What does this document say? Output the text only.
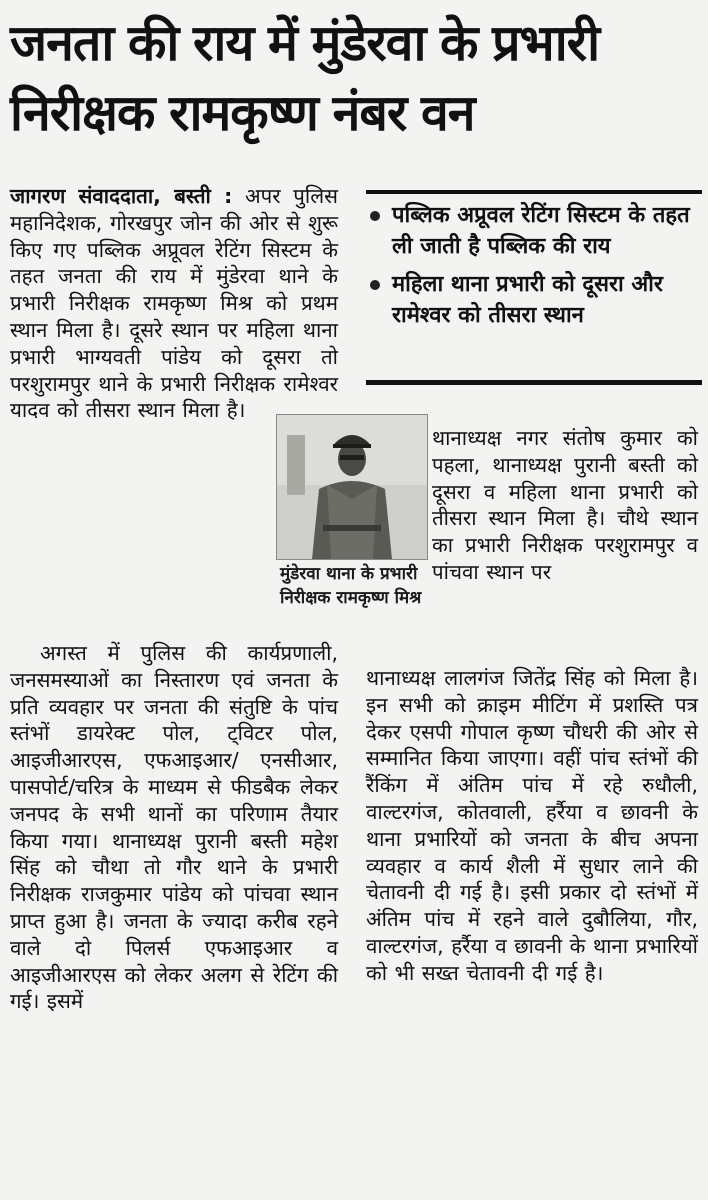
जनता की राय में मुंडेरवा के प्रभारी
निरीक्षक रामकृष्ण नंबर वन

जागरण संवाददाता, बस्ती : अपर पुलिस महानिदेशक, गोरखपुर जोन की ओर से शुरू किए गए पब्लिक अप्रूवल रेटिंग सिस्टम के तहत जनता की राय में मुंडेरवा थाने के प्रभारी निरीक्षक रामकृष्ण मिश्र को प्रथम स्थान मिला है। दूसरे स्थान पर महिला थाना प्रभारी भाग्यवती पांडेय को दूसरा तो परशुरामपुर थाने के प्रभारी निरीक्षक रामेश्वर यादव को तीसरा स्थान मिला है।

अगस्त में पुलिस की कार्यप्रणाली, जनसमस्याओं का निस्तारण एवं जनता के प्रति व्यवहार पर जनता की संतुष्टि के पांच स्तंभों डायरेक्ट पोल, ट्विटर पोल, आइजीआरएस, एफआइआर/ एनसीआर, पासपोर्ट/चरित्र के माध्यम से फीडबैक लेकर जनपद के सभी थानों का परिणाम तैयार किया गया। थानाध्यक्ष पुरानी बस्ती महेश सिंह को चौथा तो गौर थाने के प्रभारी निरीक्षक राजकुमार पांडेय को पांचवा स्थान प्राप्त हुआ है। जनता के ज्यादा करीब रहने वाले दो पिलर्स एफआइआर व आइजीआरएस को लेकर अलग से रेटिंग की गई। इसमें

पब्लिक अप्रूवल रेटिंग सिस्टम के तहत ली जाती है पब्लिक की राय
महिला थाना प्रभारी को दूसरा और रामेश्वर को तीसरा स्थान
मुंडेरवा थाना के प्रभारी निरीक्षक रामकृष्ण मिश्र

थानाध्यक्ष नगर संतोष कुमार को पहला, थानाध्यक्ष पुरानी बस्ती को दूसरा व महिला थाना प्रभारी को तीसरा स्थान मिला है। चौथे स्थान का प्रभारी निरीक्षक परशुरामपुर व पांचवा स्थान पर

थानाध्यक्ष लालगंज जितेंद्र सिंह को मिला है। इन सभी को क्राइम मीटिंग में प्रशस्ति पत्र देकर एसपी गोपाल कृष्ण चौधरी की ओर से सम्मानित किया जाएगा। वहीं पांच स्तंभों की रैंकिंग में अंतिम पांच में रहे रुधौली, वाल्टरगंज, कोतवाली, हर्रैया व छावनी के थाना प्रभारियों को जनता के बीच अपना व्यवहार व कार्य शैली में सुधार लाने की चेतावनी दी गई है। इसी प्रकार दो स्तंभों में अंतिम पांच में रहने वाले दुबौलिया, गौर, वाल्टरगंज, हर्रैया व छावनी के थाना प्रभारियों को भी सख्त चेतावनी दी गई है।
